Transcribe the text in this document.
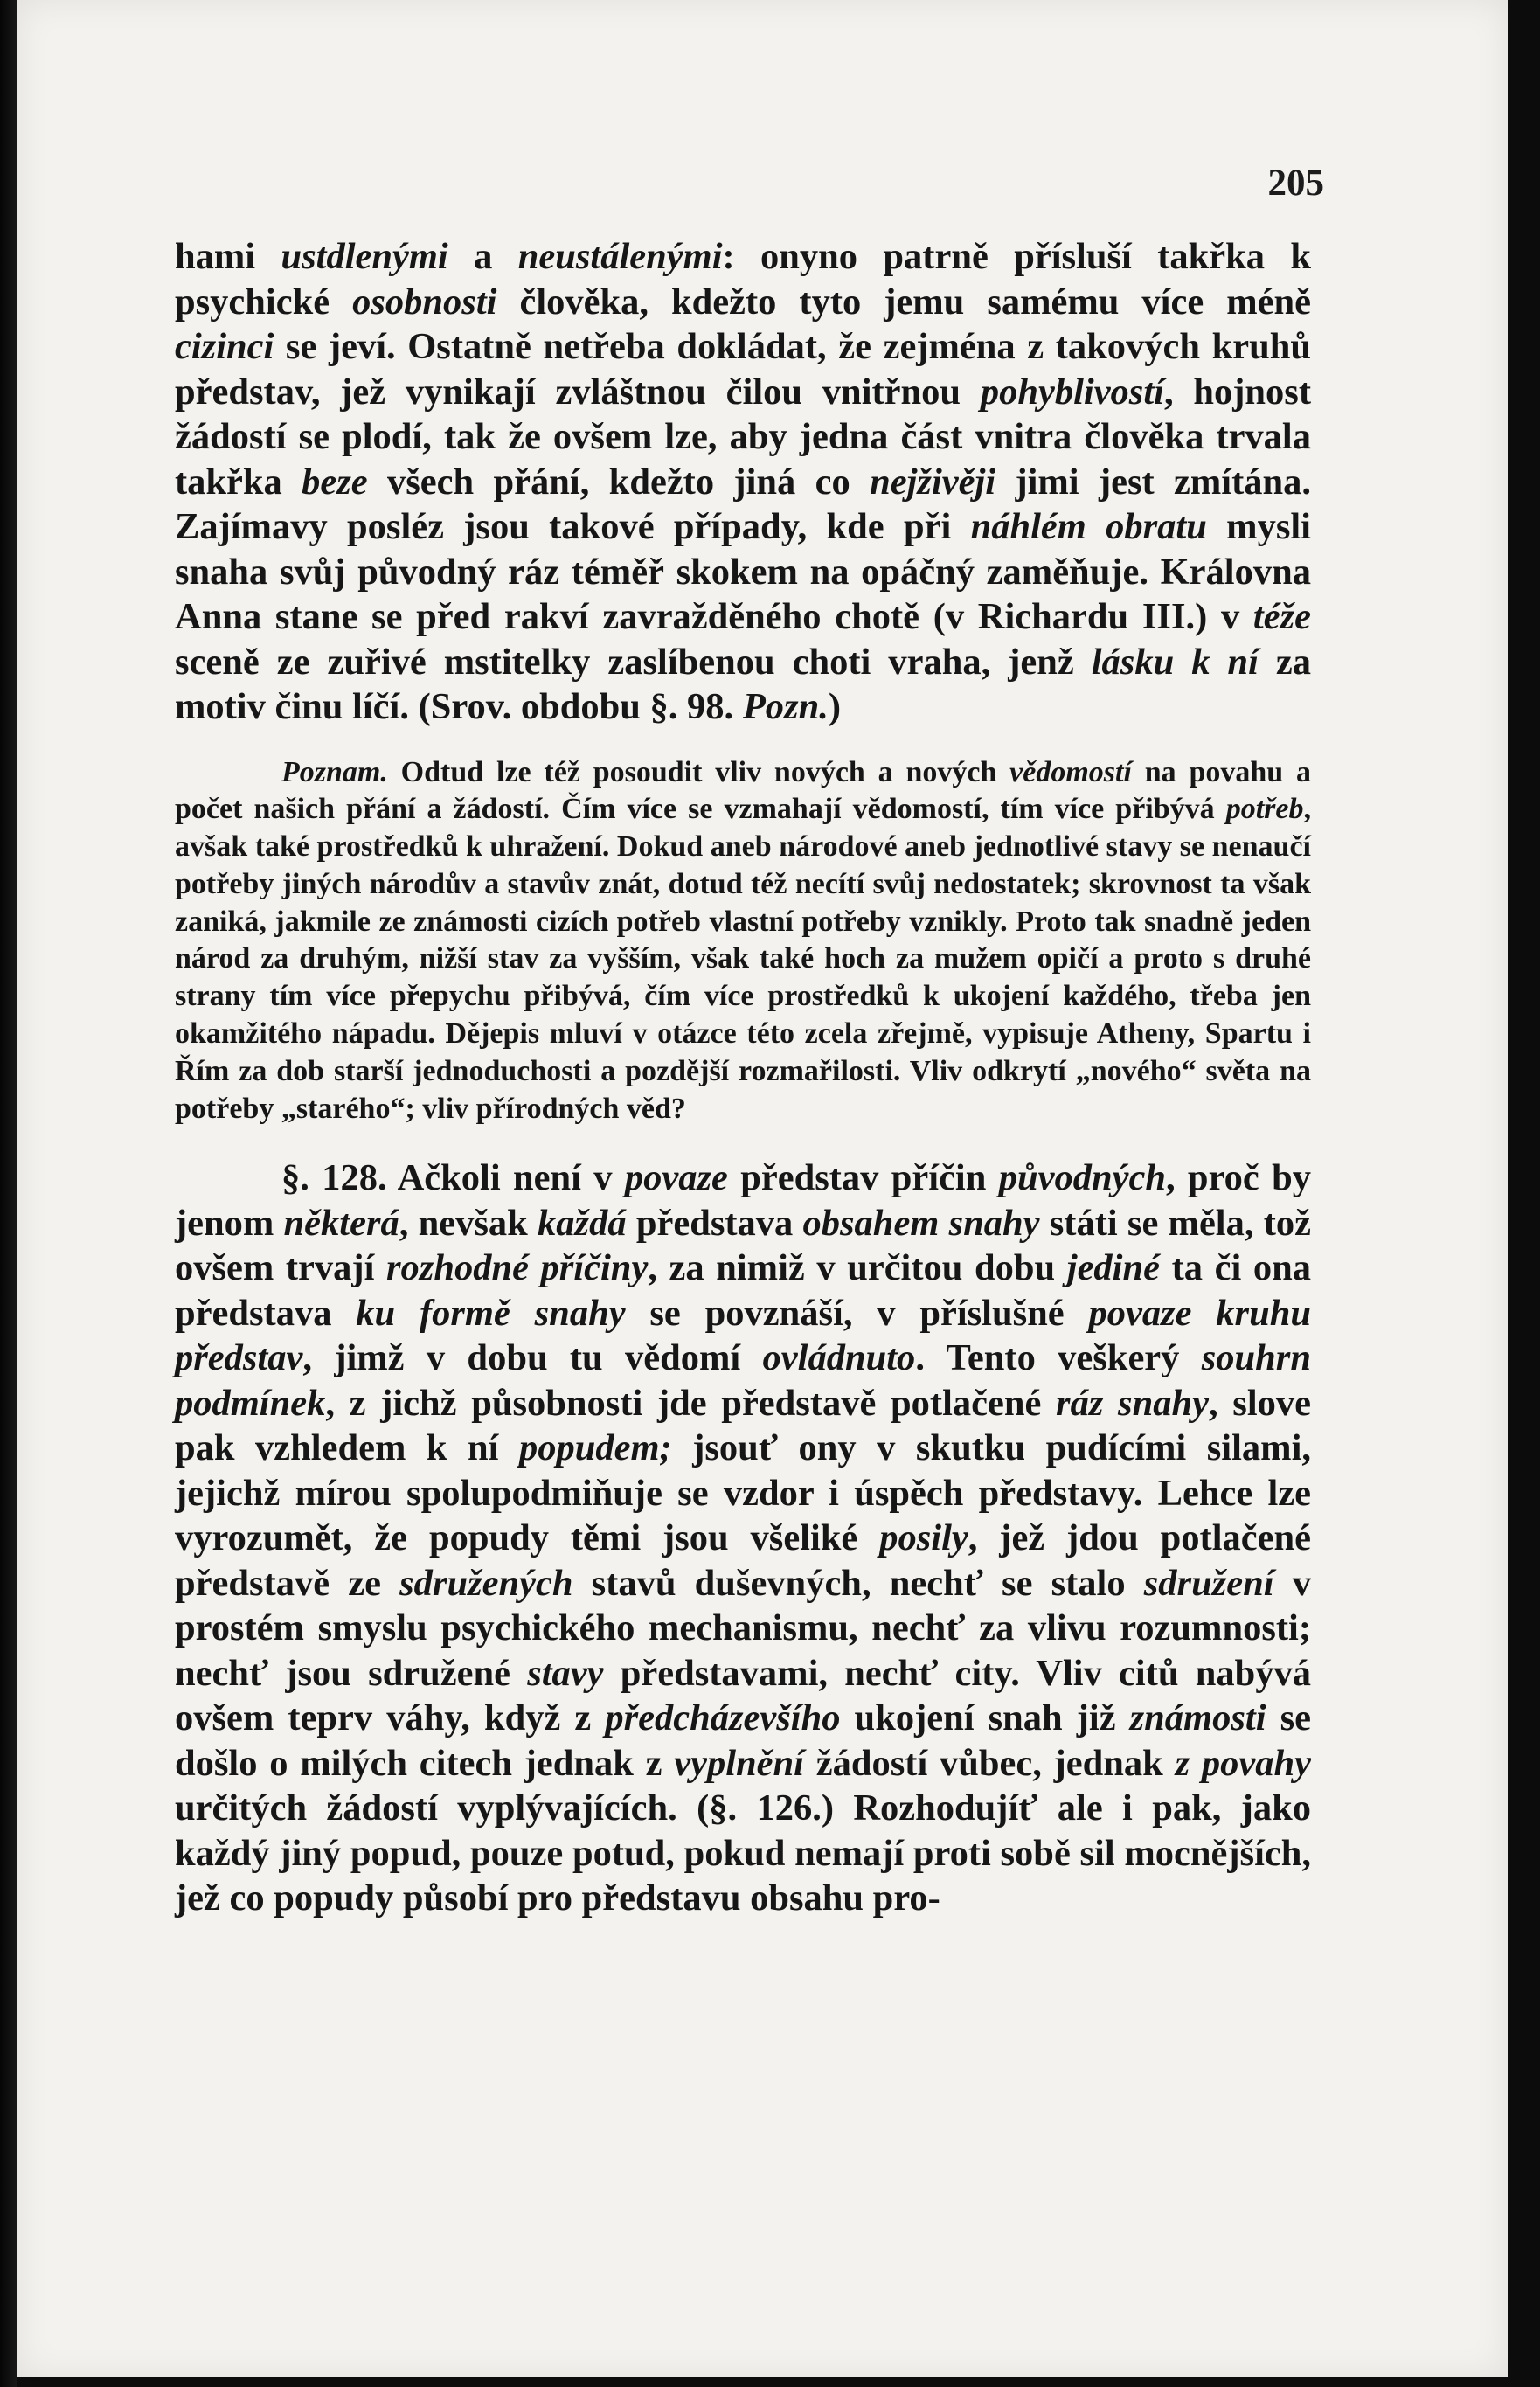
205

hami ustdlenými a neustálenými: onyno patrně přísluší takřka k psychické osobnosti člověka, kdežto tyto jemu samému více méně cizinci se jeví. Ostatně netřeba dokládat, že zejména z takových kruhů představ, jež vynikají zvláštnou čilou vnitřnou pohyblivostí, hojnost žádostí se plodí, tak že ovšem lze, aby jedna část vnitra člověka trvala takřka beze všech přání, kdežto jiná co nejživěji jimi jest zmítána. Zajímavy posléz jsou takové případy, kde při náhlém obratu mysli snaha svůj původný ráz téměř skokem na opáčný zaměňuje. Královna Anna stane se před rakví zavražděného chotě (v Richardu III.) v téže sceně ze zuřivé mstitelky zaslíbenou choti vraha, jenž lásku k ní za motiv činu líčí. (Srov. obdobu §. 98. Pozn.)

Poznam. Odtud lze též posoudit vliv nových a nových vědomostí na povahu a počet našich přání a žádostí. Čím více se vzmahají vědomostí, tím více přibývá potřeb, avšak také prostředků k uhražení. Dokud aneb národové aneb jednotlivé stavy se nenaučí potřeby jiných národův a stavův znát, dotud též necítí svůj nedostatek; skrovnost ta však zaniká, jakmile ze známosti cizích potřeb vlastní potřeby vznikly. Proto tak snadně jeden národ za druhým, nižší stav za vyšším, však také hoch za mužem opičí a proto s druhé strany tím více přepychu přibývá, čím více prostředků k ukojení každého, třeba jen okamžitého nápadu. Dějepis mluví v otázce této zcela zřejmě, vypisuje Atheny, Spartu i Řím za dob starší jednoduchosti a pozdější rozmařilosti. Vliv odkrytí „nového“ světa na potřeby „starého“; vliv přírodných věd?

§. 128. Ačkoli není v povaze představ příčin původných, proč by jenom některá, nevšak každá představa obsahem snahy státi se měla, tož ovšem trvají rozhodné příčiny, za nimiž v určitou dobu jediné ta či ona představa ku formě snahy se povznáší, v příslušné povaze kruhu představ, jimž v dobu tu vědomí ovládnuto. Tento veškerý souhrn podmínek, z jichž působnosti jde představě potlačené ráz snahy, slove pak vzhledem k ní popudem; jsouť ony v skutku pudícími silami, jejichž mírou spolupodmiňuje se vzdor i úspěch představy. Lehce lze vyrozumět, že popudy těmi jsou všeliké posily, jež jdou potlačené představě ze sdružených stavů duševných, nechť se stalo sdružení v prostém smyslu psychického mechanismu, nechť za vlivu rozumnosti; nechť jsou sdružené stavy představami, nechť city. Vliv citů nabývá ovšem teprv váhy, když z předcházevšího ukojení snah již známosti se došlo o milých citech jednak z vyplnění žádostí vůbec, jednak z povahy určitých žádostí vyplývajících. (§. 126.) Rozhodujíť ale i pak, jako každý jiný popud, pouze potud, pokud nemají proti sobě sil mocnějších, jež co popudy působí pro představu obsahu pro-
